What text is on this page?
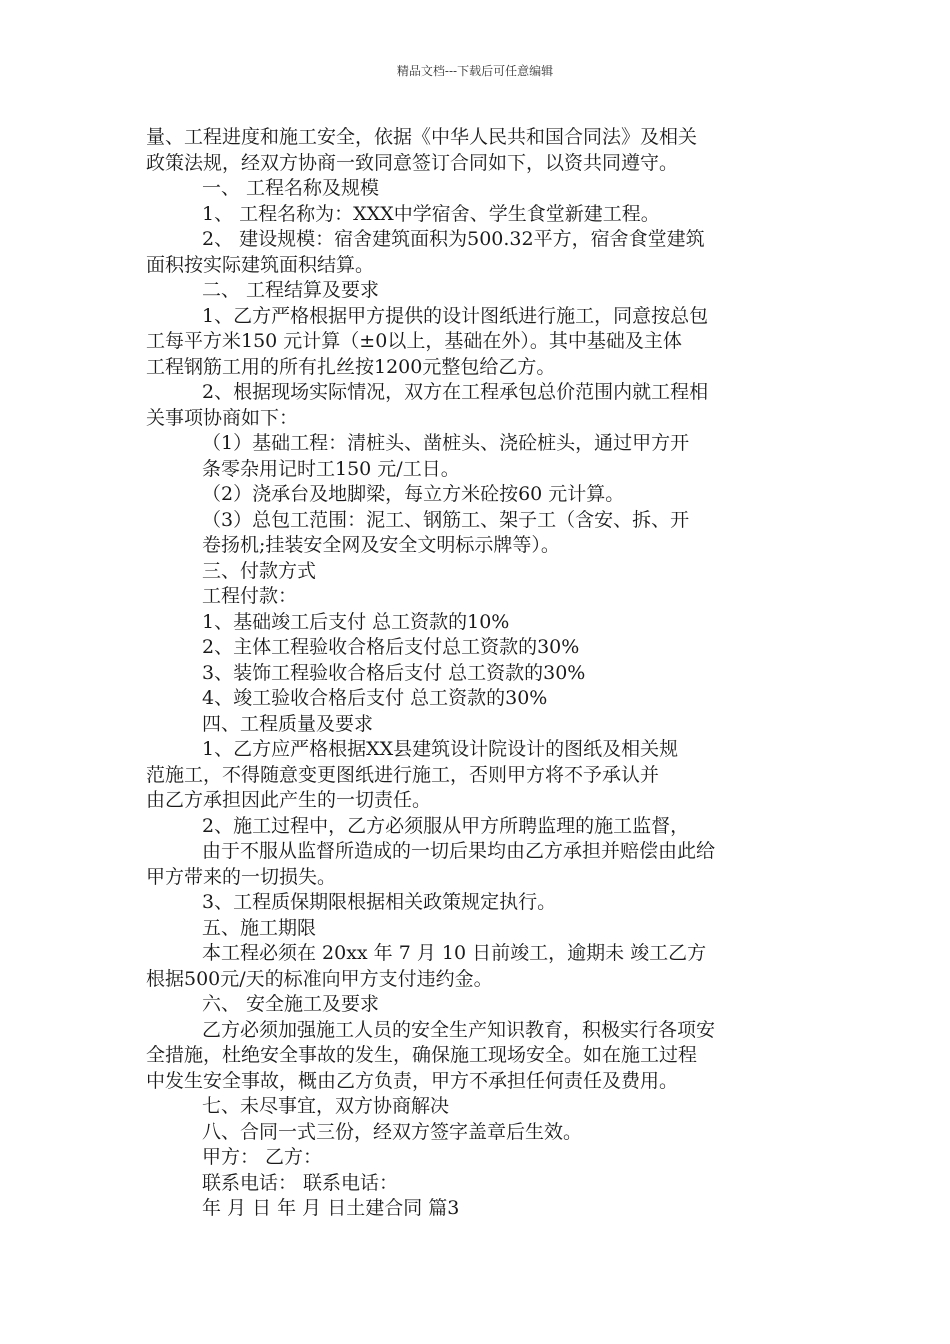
精品文档---下载后可任意编辑
量、工程进度和施工安全，依据《中华人民共和国合同法》及相关
政策法规，经双方协商一致同意签订合同如下，以资共同遵守。
一、 工程名称及规模
1、 工程名称为：XXX中学宿舍、学生食堂新建工程。
2、 建设规模：宿舍建筑面积为500.32平方，宿舍食堂建筑
面积按实际建筑面积结算。
二、 工程结算及要求
1、乙方严格根据甲方提供的设计图纸进行施工，同意按总包
工每平方米150 元计算（±0以上，基础在外）。其中基础及主体
工程钢筋工用的所有扎丝按1200元整包给乙方。
2、根据现场实际情况，双方在工程承包总价范围内就工程相
关事项协商如下：
（1）基础工程：清桩头、凿桩头、浇砼桩头，通过甲方开
条零杂用记时工150 元/工日。
（2）浇承台及地脚梁，每立方米砼按60 元计算。
（3）总包工范围：泥工、钢筋工、架子工（含安、拆、开
卷扬机;挂装安全网及安全文明标示牌等）。
三、付款方式
工程付款：
1、基础竣工后支付 总工资款的10%
2、主体工程验收合格后支付总工资款的30%
3、装饰工程验收合格后支付 总工资款的30%
4、竣工验收合格后支付 总工资款的30%
四、工程质量及要求
1、乙方应严格根据XX县建筑设计院设计的图纸及相关规
范施工，不得随意变更图纸进行施工，否则甲方将不予承认并
由乙方承担因此产生的一切责任。
2、施工过程中，乙方必须服从甲方所聘监理的施工监督，
由于不服从监督所造成的一切后果均由乙方承担并赔偿由此给
甲方带来的一切损失。
3、工程质保期限根据相关政策规定执行。
五、施工期限
本工程必须在 20xx 年 7 月 10 日前竣工，逾期未 竣工乙方
根据500元/天的标准向甲方支付违约金。
六、 安全施工及要求
乙方必须加强施工人员的安全生产知识教育，积极实行各项安
全措施，杜绝安全事故的发生，确保施工现场安全。如在施工过程
中发生安全事故，概由乙方负责，甲方不承担任何责任及费用。
七、未尽事宜，双方协商解决
八、合同一式三份，经双方签字盖章后生效。
甲方： 乙方：
联系电话： 联系电话：
年 月 日 年 月 日土建合同 篇3
